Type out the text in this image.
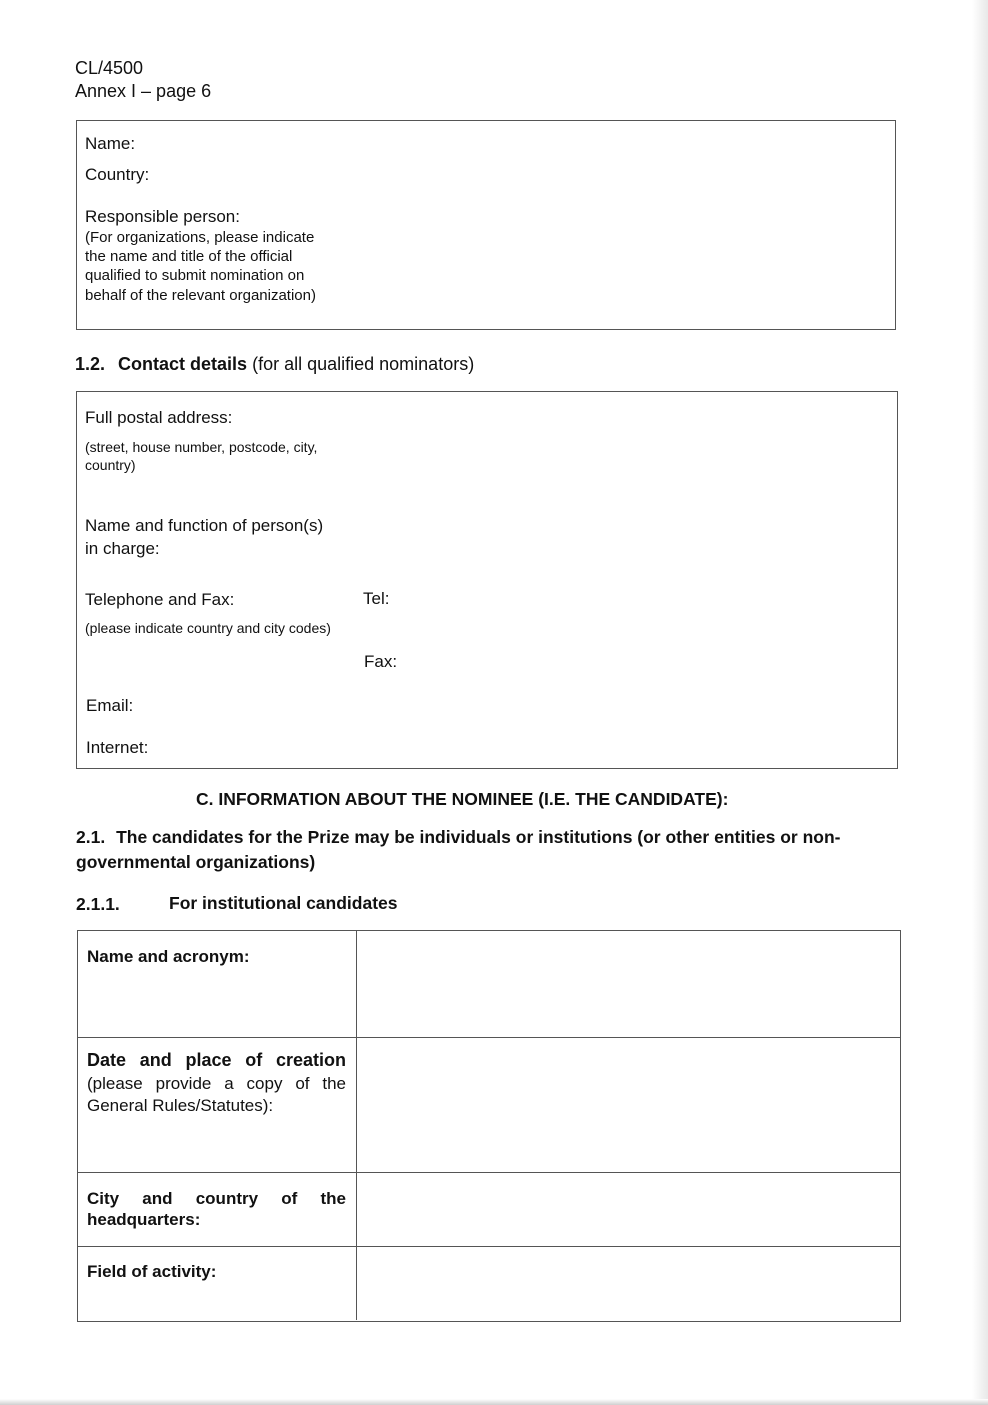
CL/4500
Annex I – page 6
Name:
Country:
Responsible person:
(For organizations, please indicate
the name and title of the official
qualified to submit nomination on
behalf of the relevant organization)
1.2. Contact details (for all qualified nominators)
Full postal address:
(street, house number, postcode, city,
country)
Name and function of person(s)
in charge:
Telephone and Fax:
(please indicate country and city codes)
Tel:
Fax:
Email:
Internet:
C. INFORMATION ABOUT THE NOMINEE (I.E. THE CANDIDATE):
2.1. The candidates for the Prize may be individuals or institutions (or other entities or non-
governmental organizations)
2.1.1.	For institutional candidates
Name and acronym:
Date and place of creation
(please provide a copy of the
General Rules/Statutes):
City and country of the
headquarters:
Field of activity:
